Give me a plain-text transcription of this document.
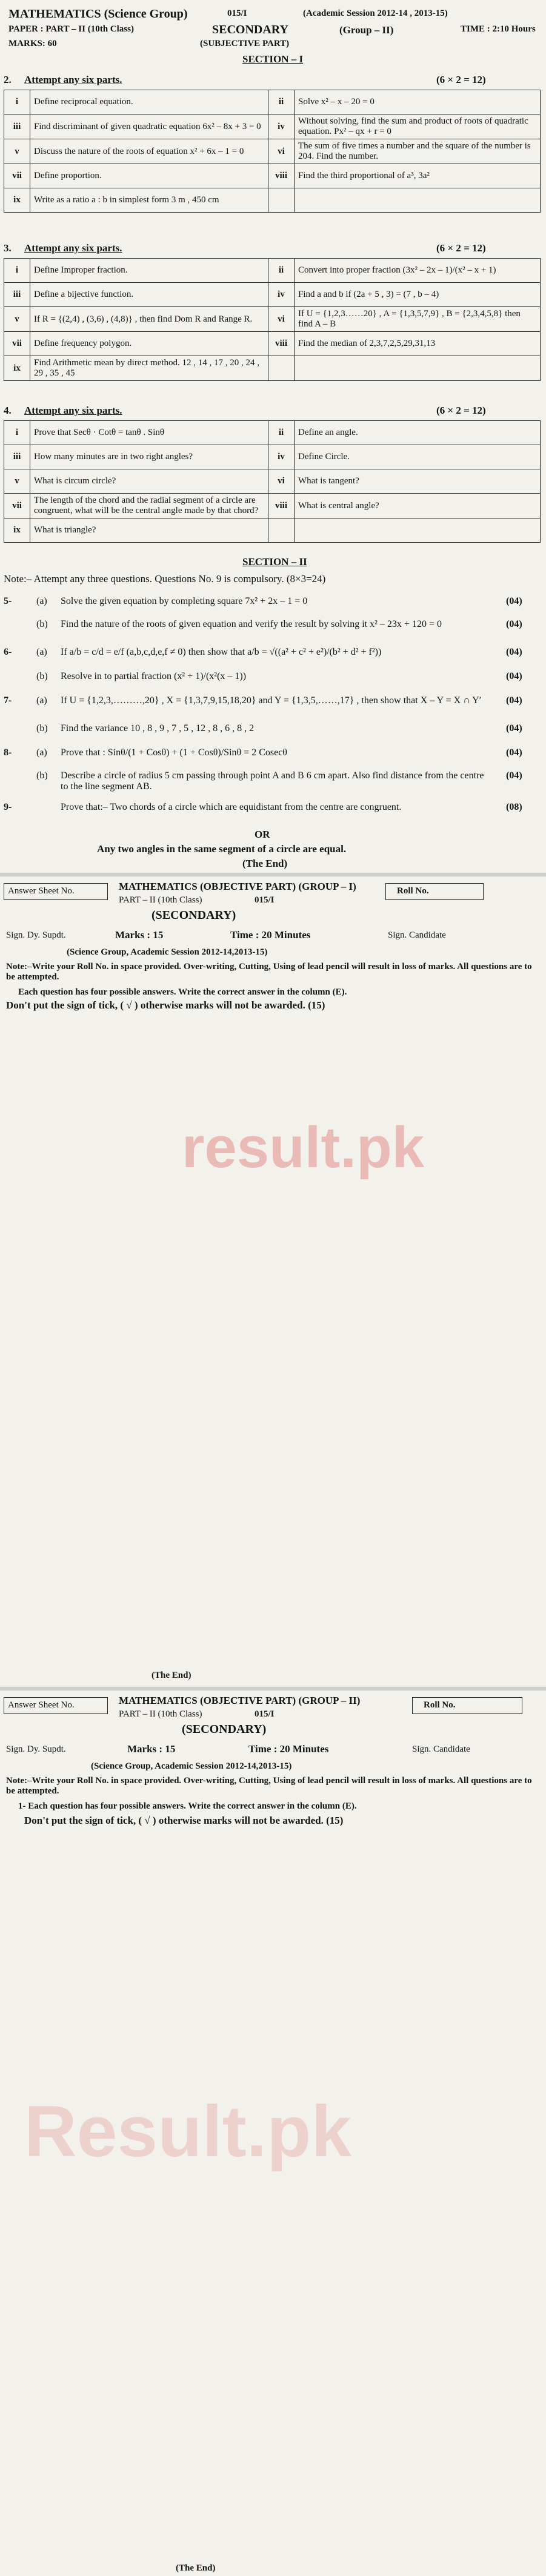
MATHEMATICS (Science Group)	015/I	(Academic Session 2012-14 , 2013-15)
PAPER : PART – II (10th Class)	SECONDARY	(Group – II)	TIME : 2:10 Hours
MARKS: 60	(SUBJECTIVE PART)
SECTION – I
2. Attempt any six parts.	(6 × 2 = 12)
i	Define reciprocal equation.	ii	Solve x² – x – 20 = 0
iii	Find discriminant of given quadratic equation 6x² – 8x + 3 = 0	iv	Without solving, find the sum and product of roots of quadratic equation. Px² – qx + r = 0
v	Discuss the nature of the roots of equation x² + 6x – 1 = 0	vi	The sum of five times a number and the square of the number is 204. Find the number.
vii	Define proportion.	viii	Find the third proportional of a³, 3a²
ix	Write as a ratio a : b in simplest form 3 m , 450 cm		
3. Attempt any six parts.	(6 × 2 = 12)
i	Define Improper fraction.	ii	Convert into proper fraction (3x² – 2x – 1)/(x² – x + 1)
iii	Define a bijective function.	iv	Find a and b if (2a + 5 , 3) = (7 , b – 4)
v	If R = {(2,4) , (3,6) , (4,8)} , then find Dom R and Range R.	vi	If U = {1,2,3……20} , A = {1,3,5,7,9} , B = {2,3,4,5,8} then find A – B
vii	Define frequency polygon.	viii	Find the median of 2,3,7,2,5,29,31,13
ix	Find Arithmetic mean by direct method. 12 , 14 , 17 , 20 , 24 , 29 , 35 , 45		
4. Attempt any six parts.	(6 × 2 = 12)
i	Prove that Secθ · Cotθ = tanθ . Sinθ	ii	Define an angle.
iii	How many minutes are in two right angles?	iv	Define Circle.
v	What is circum circle?	vi	What is tangent?
vii	The length of the chord and the radial segment of a circle are congruent, what will be the central angle made by that chord?	viii	What is central angle?
ix	What is triangle?		
SECTION – II
Note:– Attempt any three questions. Questions No. 9 is compulsory. (8×3=24)
5-	(a) Solve the given equation by completing square 7x² + 2x – 1 = 0	(04)
(b) Find the nature of the roots of given equation and verify the result by solving it x² – 23x + 120 = 0	(04)
6-	(a) If a/b = c/d = e/f (a,b,c,d,e,f ≠ 0) then show that a/b = √((a² + c² + e²)/(b² + d² + f²))	(04)
(b) Resolve in to partial fraction (x² + 1)/(x²(x – 1))	(04)
7-	(a) If U = {1,2,3,………,20} , X = {1,3,7,9,15,18,20} and Y = {1,3,5,……,17} , then show that X – Y = X ∩ Y′	(04)
(b) Find the variance 10 , 8 , 9 , 7 , 5 , 12 , 8 , 6 , 8 , 2	(04)
8-	(a) Prove that : Sinθ/(1 + Cosθ) + (1 + Cosθ)/Sinθ = 2 Cosecθ	(04)
(b) Describe a circle of radius 5 cm passing through point A and B 6 cm apart. Also find distance from the centre to the line segment AB.
(04)
9-	Prove that:– Two chords of a circle which are equidistant from the centre are congruent.	(08)
OR
Any two angles in the same segment of a circle are equal.
(The End)
Answer Sheet No.	MATHEMATICS (OBJECTIVE PART) (GROUP – I)
PART – II (10th Class)	015/I
Roll No.
(SECONDARY)
Sign. Dy. Supdt.	Marks : 15	Time : 20 Minutes	Sign. Candidate
(Science Group, Academic Session 2012-14,2013-15)
Note:–Write your Roll No. in space provided. Over-writing, Cutting, Using of lead pencil will result in loss of marks. All questions are to be attempted.
Each question has four possible answers. Write the correct answer in the column (E).
Don't put the sign of tick, ( √ ) otherwise marks will not be awarded. (15)
(The End)
Answer Sheet No.	MATHEMATICS (OBJECTIVE PART) (GROUP – II)
PART – II (10th Class)	015/I
Roll No.
(SECONDARY)
Sign. Dy. Supdt.	Marks : 15	Time : 20 Minutes	Sign. Candidate
(Science Group, Academic Session 2012-14,2013-15)
Note:–Write your Roll No. in space provided. Over-writing, Cutting, Using of lead pencil will result in loss of marks. All questions are to be attempted.
1- Each question has four possible answers. Write the correct answer in the column (E).
Don't put the sign of tick, ( √ ) otherwise marks will not be awarded. (15)
(The End)
result.pk
Result.pk
